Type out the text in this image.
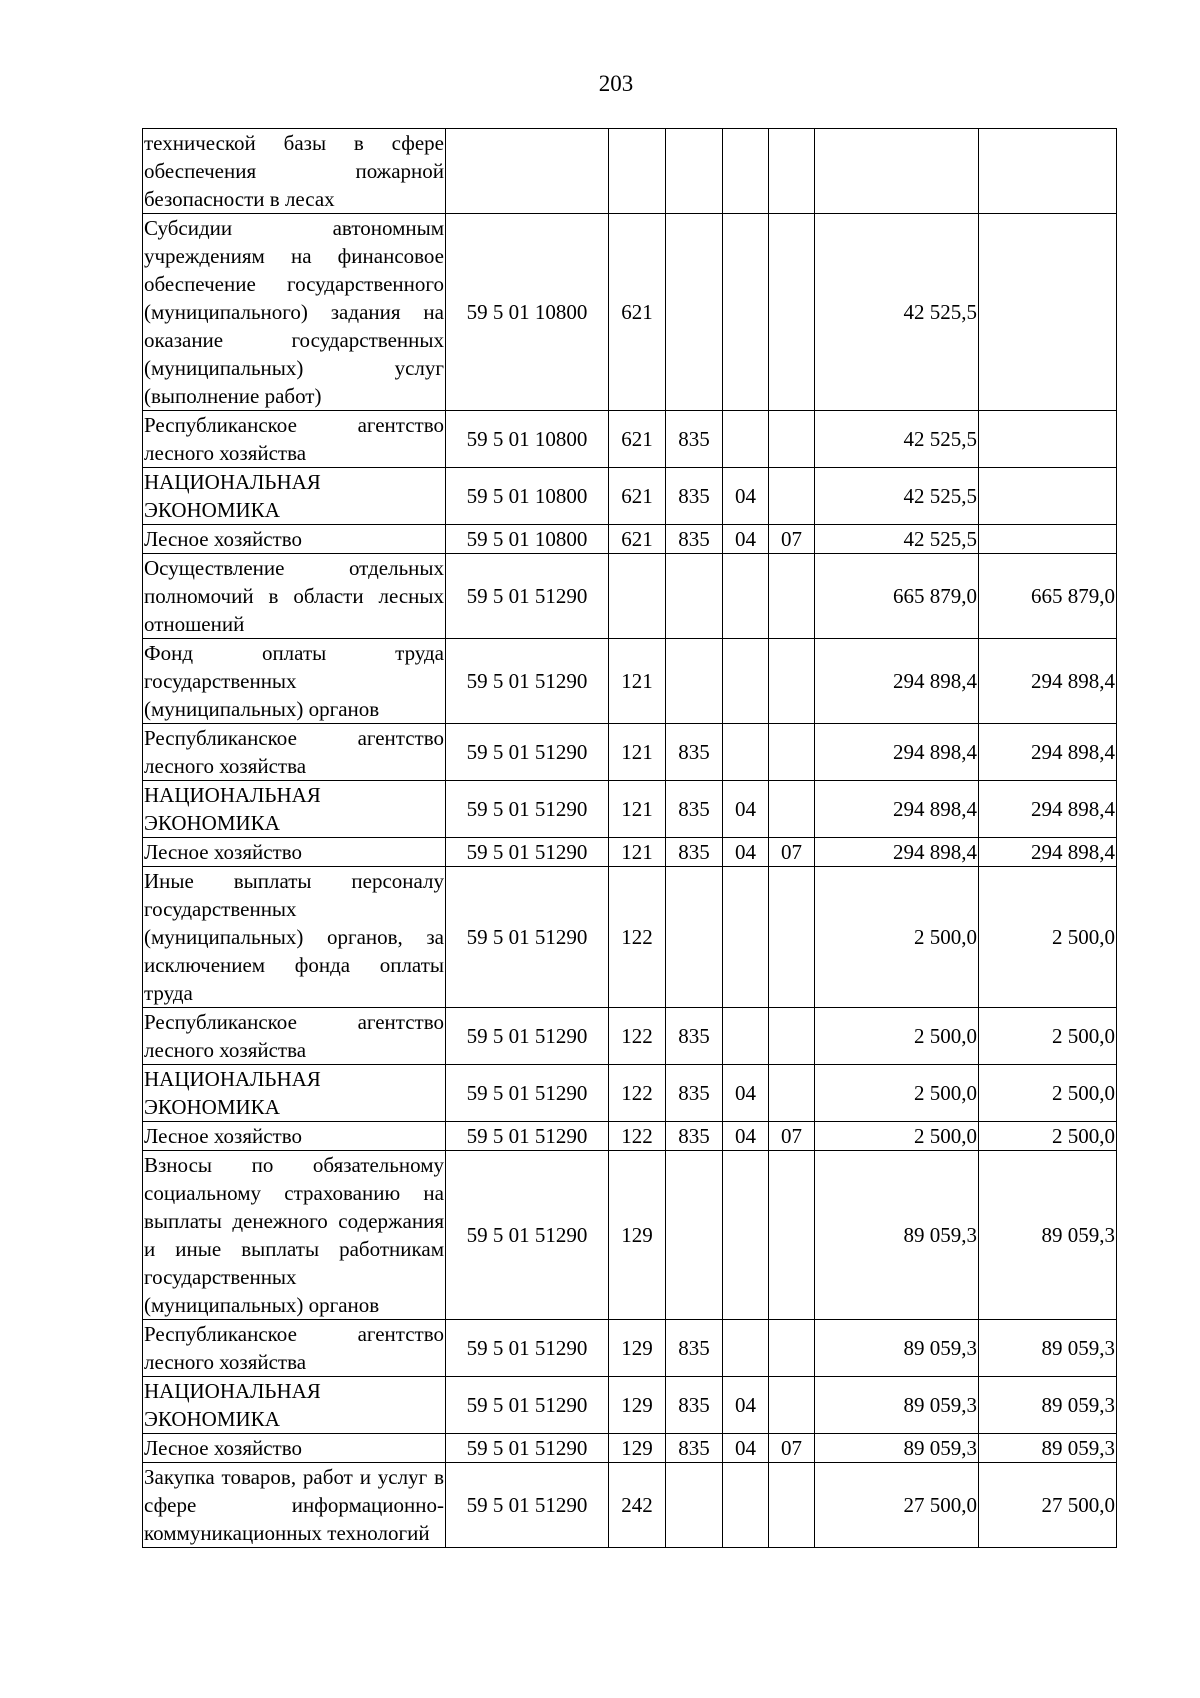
203
технической базы в сфере обеспечения пожарной безопасности в лесах							
Субсидии автономным учреждениям на финансовое обеспечение государственного (муниципального) задания на оказание государственных (муниципальных) услуг (выполнение работ)	59 5 01 10800	621				42 525,5	
Республиканское агентство лесного хозяйства	59 5 01 10800	621	835			42 525,5	
НАЦИОНАЛЬНАЯ ЭКОНОМИКА	59 5 01 10800	621	835	04		42 525,5	
Лесное хозяйство	59 5 01 10800	621	835	04	07	42 525,5	
Осуществление отдельных полномочий в области лесных отношений	59 5 01 51290					665 879,0	665 879,0
Фонд оплаты труда государственных (муниципальных) органов	59 5 01 51290	121				294 898,4	294 898,4
Республиканское агентство лесного хозяйства	59 5 01 51290	121	835			294 898,4	294 898,4
НАЦИОНАЛЬНАЯ ЭКОНОМИКА	59 5 01 51290	121	835	04		294 898,4	294 898,4
Лесное хозяйство	59 5 01 51290	121	835	04	07	294 898,4	294 898,4
Иные выплаты персоналу государственных (муниципальных) органов, за исключением фонда оплаты труда	59 5 01 51290	122				2 500,0	2 500,0
Республиканское агентство лесного хозяйства	59 5 01 51290	122	835			2 500,0	2 500,0
НАЦИОНАЛЬНАЯ ЭКОНОМИКА	59 5 01 51290	122	835	04		2 500,0	2 500,0
Лесное хозяйство	59 5 01 51290	122	835	04	07	2 500,0	2 500,0
Взносы по обязательному социальному страхованию на выплаты денежного содержания и иные выплаты работникам государственных (муниципальных) органов	59 5 01 51290	129				89 059,3	89 059,3
Республиканское агентство лесного хозяйства	59 5 01 51290	129	835			89 059,3	89 059,3
НАЦИОНАЛЬНАЯ ЭКОНОМИКА	59 5 01 51290	129	835	04		89 059,3	89 059,3
Лесное хозяйство	59 5 01 51290	129	835	04	07	89 059,3	89 059,3
Закупка товаров, работ и услуг в сфере информационно-коммуникационных технологий	59 5 01 51290	242				27 500,0	27 500,0
